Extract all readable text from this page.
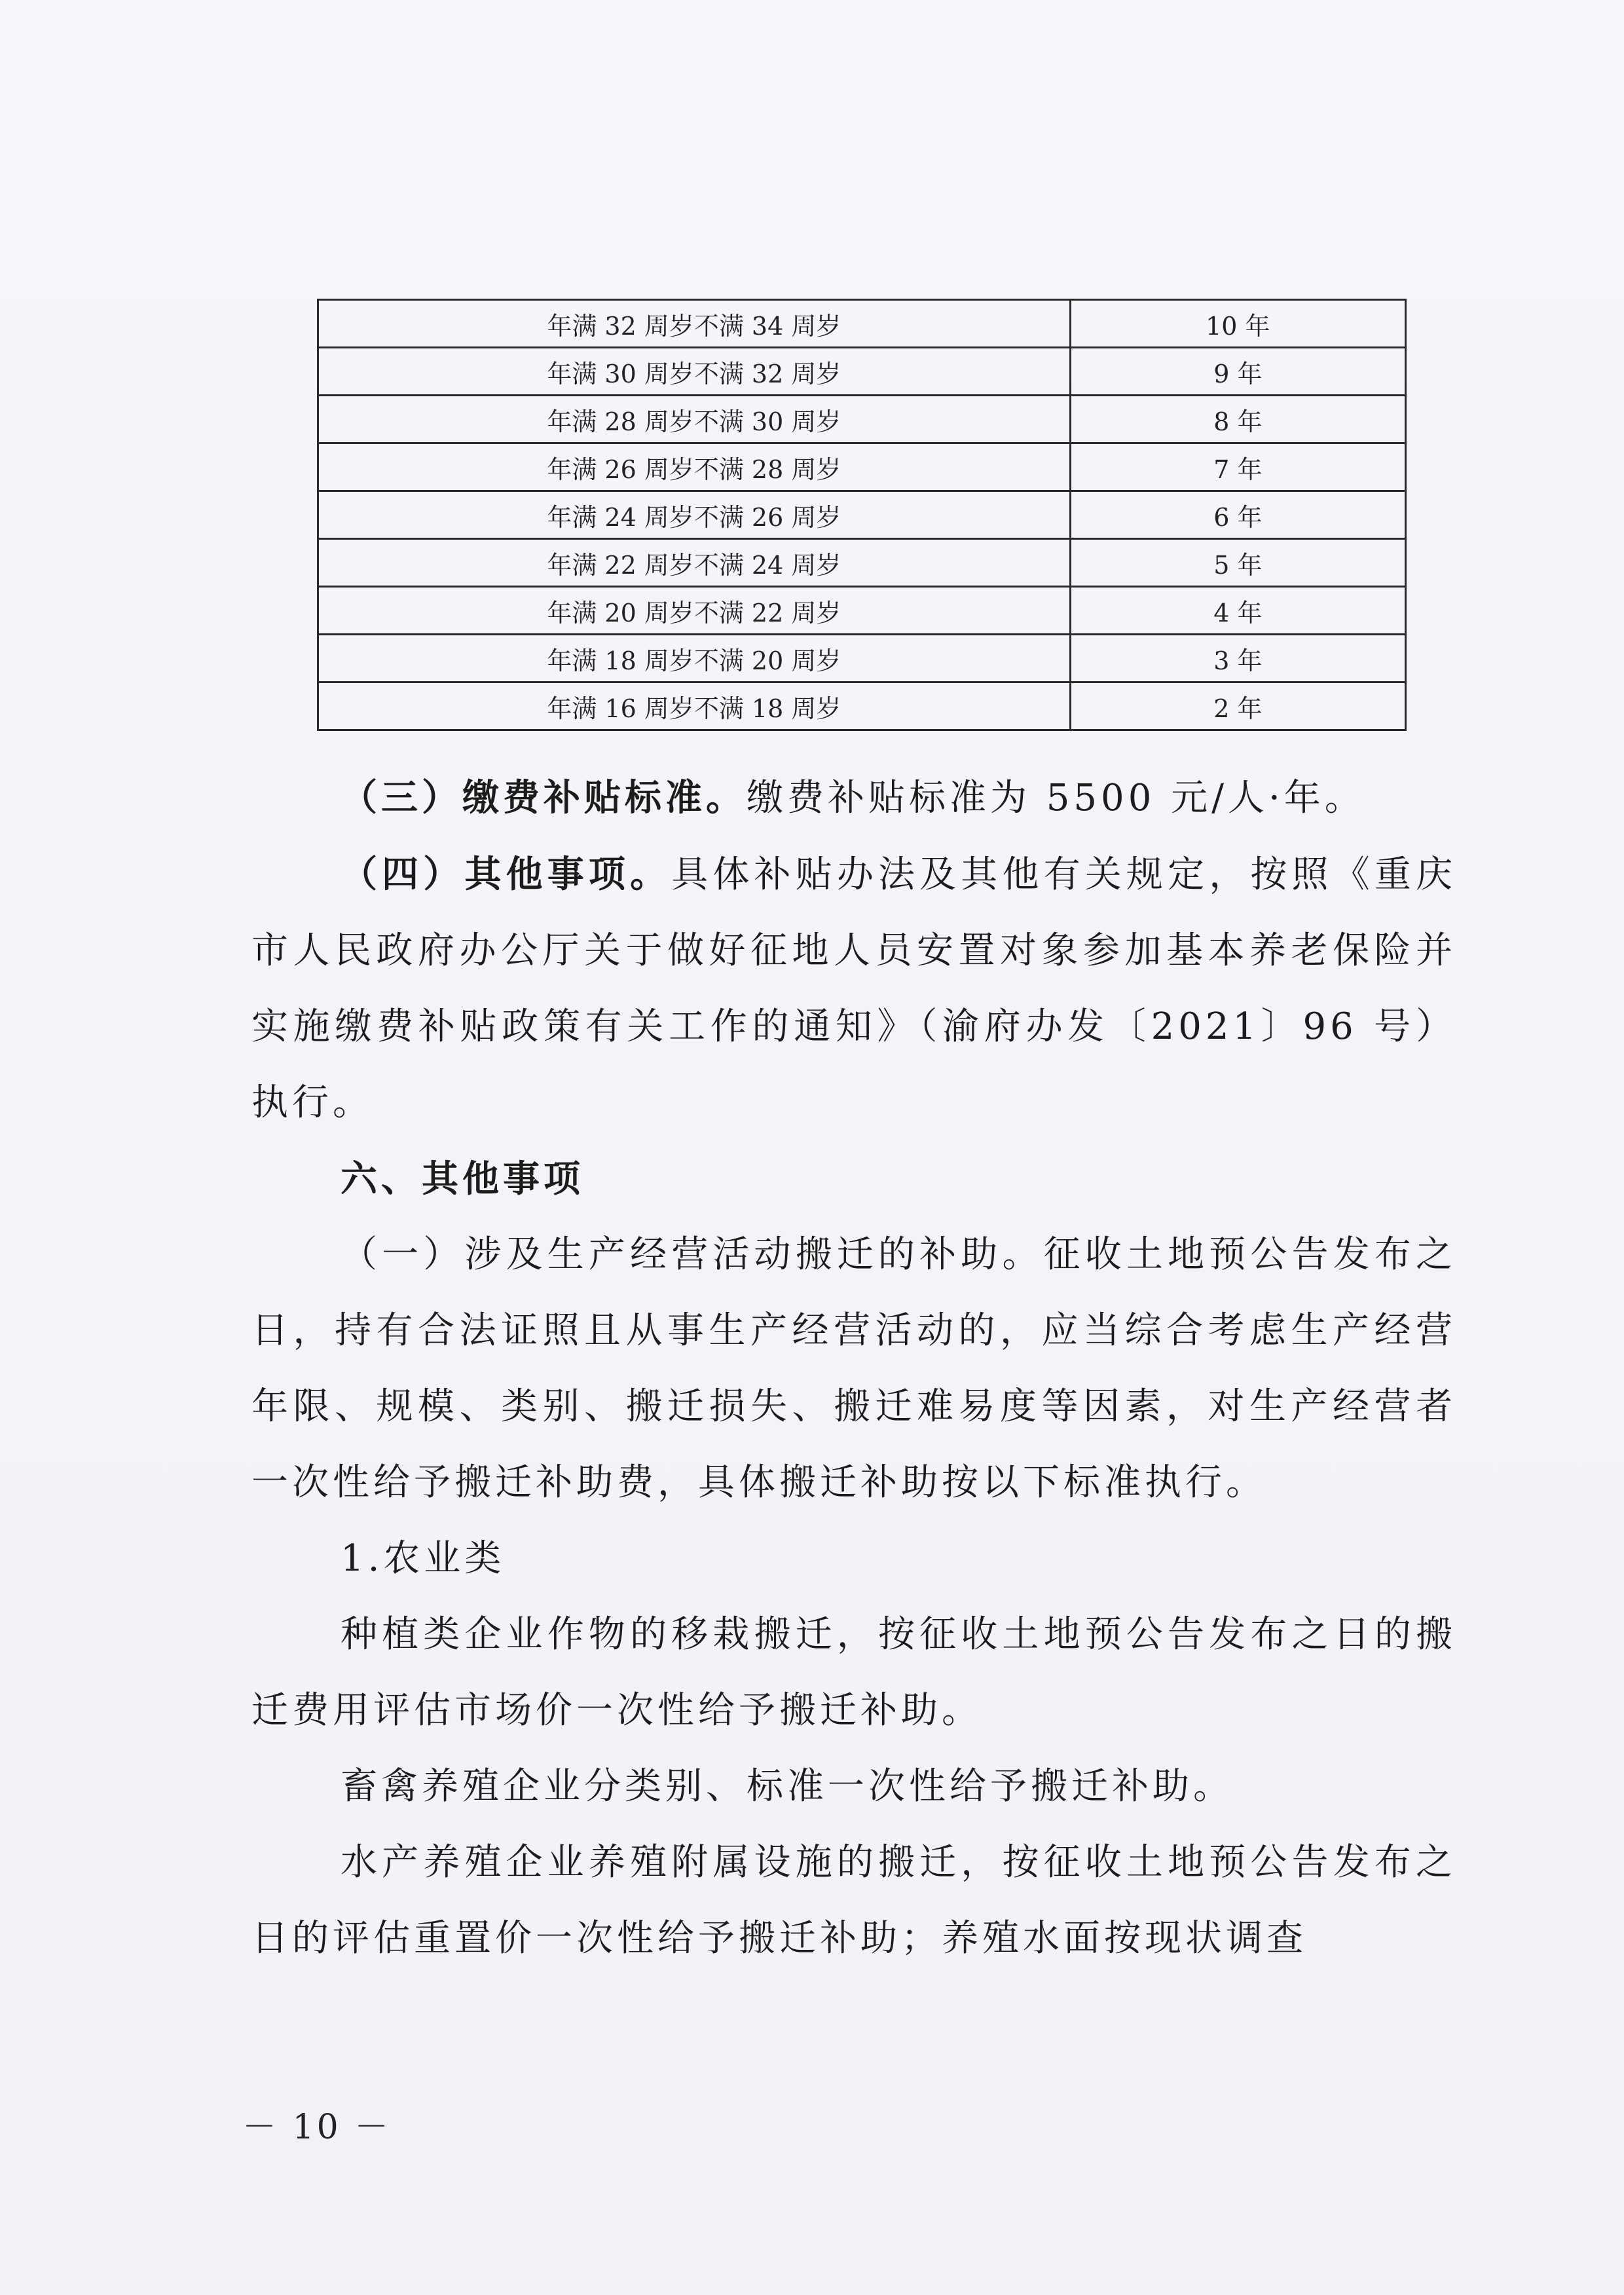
年满 32 周岁不满 34 周岁	10 年
年满 30 周岁不满 32 周岁	9 年
年满 28 周岁不满 30 周岁	8 年
年满 26 周岁不满 28 周岁	7 年
年满 24 周岁不满 26 周岁	6 年
年满 22 周岁不满 24 周岁	5 年
年满 20 周岁不满 22 周岁	4 年
年满 18 周岁不满 20 周岁	3 年
年满 16 周岁不满 18 周岁	2 年

（三）缴费补贴标准。缴费补贴标准为 5500 元/人·年。

（四）其他事项。具体补贴办法及其他有关规定，按照《重庆市人民政府办公厅关于做好征地人员安置对象参加基本养老保险并实施缴费补贴政策有关工作的通知》（渝府办发〔2021〕96 号）执行。

六、其他事项

（一）涉及生产经营活动搬迁的补助。征收土地预公告发布之日，持有合法证照且从事生产经营活动的，应当综合考虑生产经营年限、规模、类别、搬迁损失、搬迁难易度等因素，对生产经营者一次性给予搬迁补助费，具体搬迁补助按以下标准执行。

1.农业类

种植类企业作物的移栽搬迁，按征收土地预公告发布之日的搬迁费用评估市场价一次性给予搬迁补助。

畜禽养殖企业分类别、标准一次性给予搬迁补助。

水产养殖企业养殖附属设施的搬迁，按征收土地预公告发布之日的评估重置价一次性给予搬迁补助；养殖水面按现状调查

－ 10 －
